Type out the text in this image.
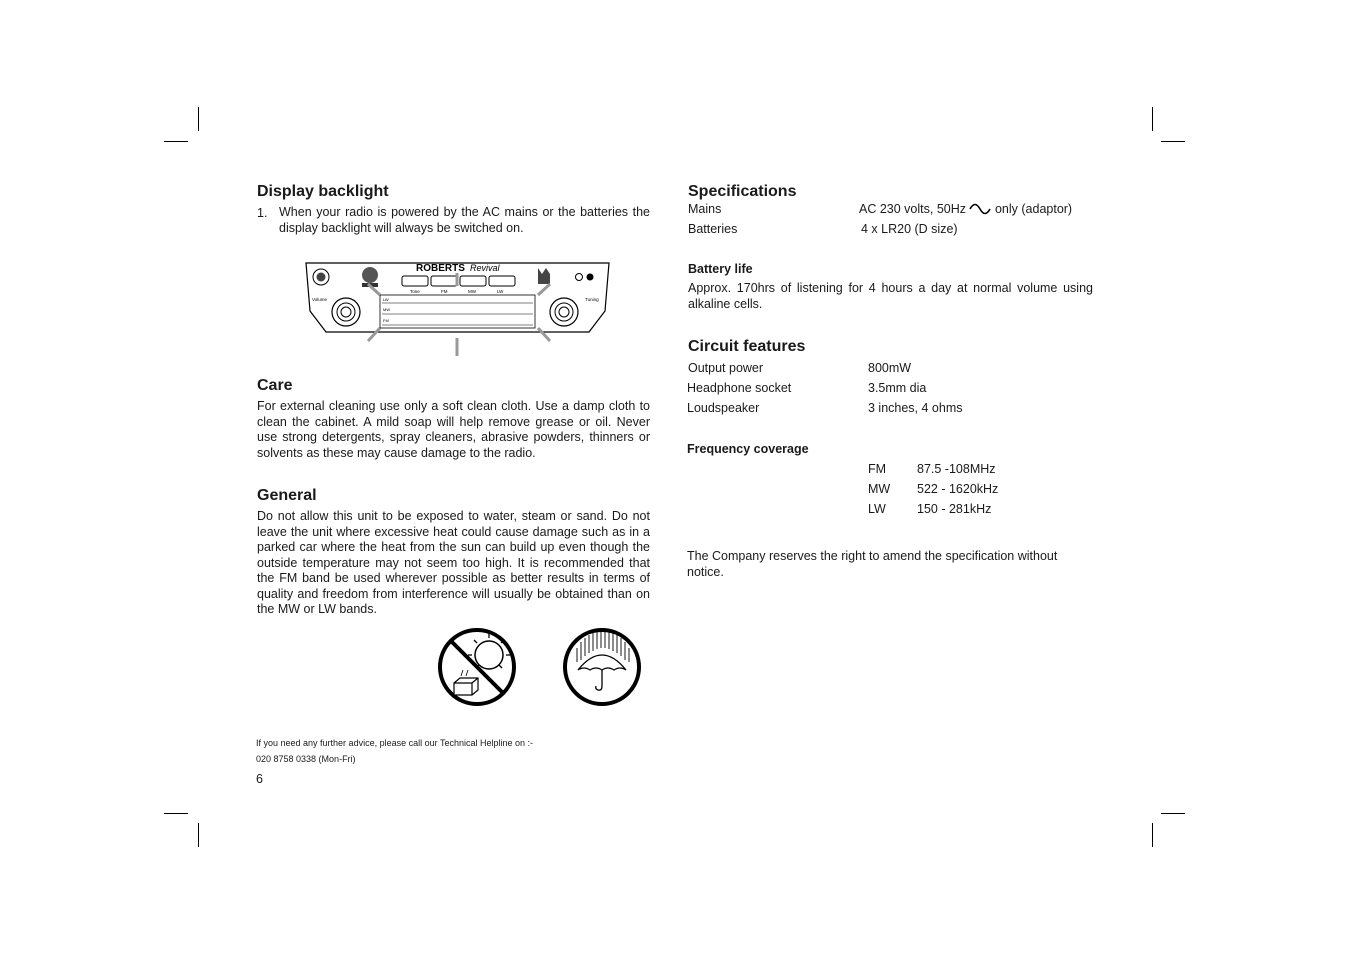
Display backlight
1. When your radio is powered by the AC mains or the batteries the display backlight will always be switched on.
ROBERTS Revival
Tone	FM	MW	LW
LW
MW
FM
Volume	Tuning
Care
For external cleaning use only a soft clean cloth. Use a damp cloth to clean the cabinet. A mild soap will help remove grease or oil. Never use strong detergents, spray cleaners, abrasive powders, thinners or solvents as these may cause damage to the radio.
General
Do not allow this unit to be exposed to water, steam or sand. Do not leave the unit where excessive heat could cause damage such as in a parked car where the heat from the sun can build up even though the outside temperature may not seem too high. It is recommended that the FM band be used wherever possible as better results in terms of quality and freedom from interference will usually be obtained than on the MW or LW bands.
If you need any further advice, please call our Technical Helpline on :-
020 8758 0338 (Mon-Fri)
6
Specifications
Mains	AC 230 volts, 50Hz only (adaptor)
Batteries	4 x LR20 (D size)
Battery life
Approx. 170hrs of listening for 4 hours a day at normal volume using alkaline cells.
Circuit features
Output power	800mW
Headphone socket	3.5mm dia
Loudspeaker	3 inches, 4 ohms
Frequency coverage
FM 87.5 -108MHz
MW 522 - 1620kHz
LW 150 - 281kHz
The Company reserves the right to amend the specification without notice.
